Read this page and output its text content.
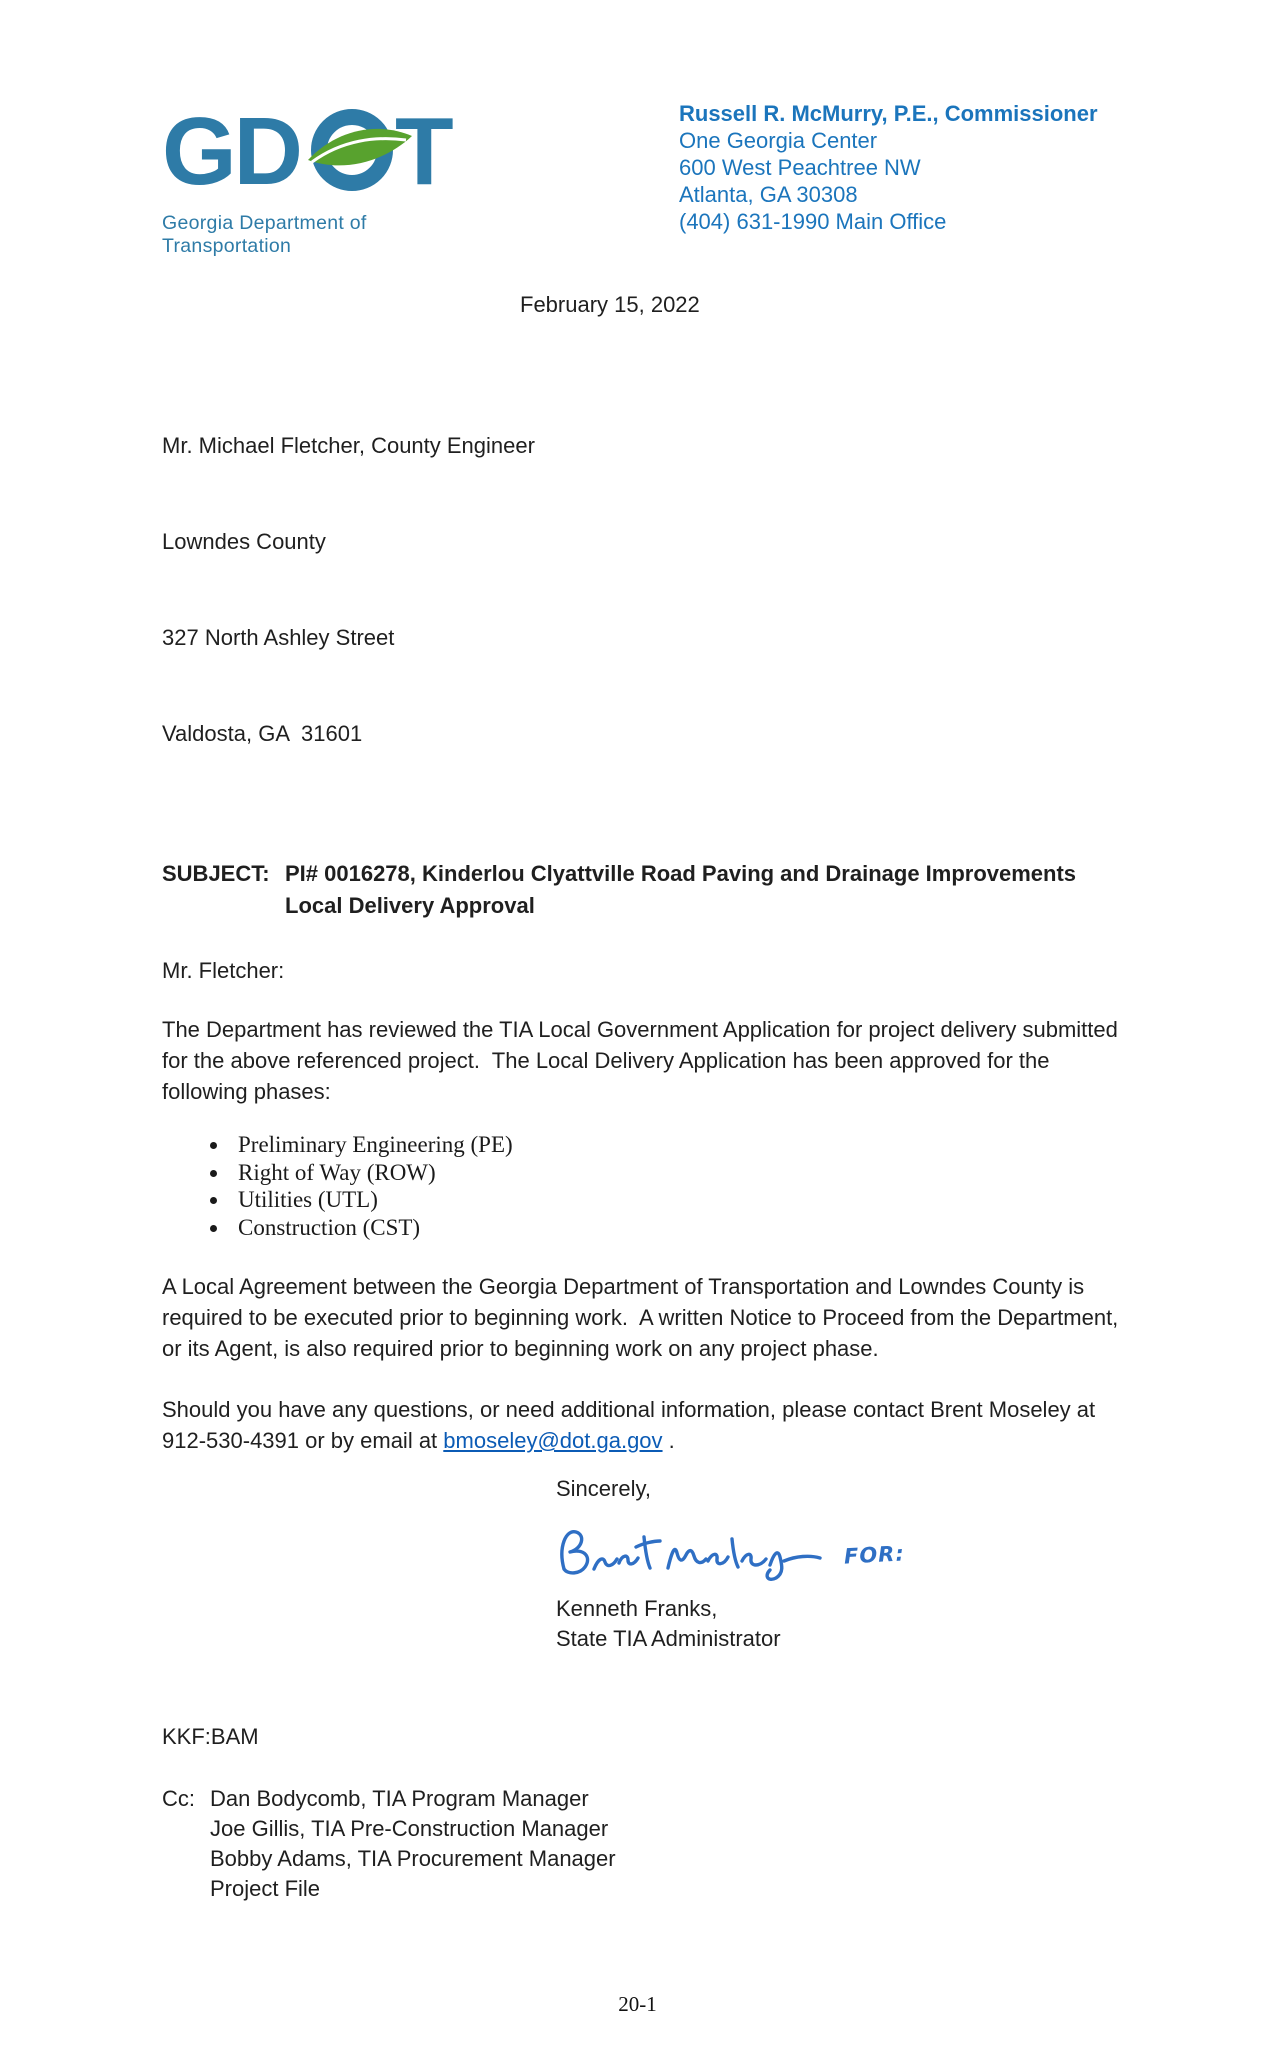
GD T
Georgia Department of Transportation
Russell R. McMurry, P.E., Commissioner
One Georgia Center
600 West Peachtree NW
Atlanta, GA 30308
(404) 631-1990 Main Office
February 15, 2022

Mr. Michael Fletcher, County Engineer

Lowndes County

327 North Ashley Street

Valdosta, GA  31601

SUBJECT: PI# 0016278, Kinderlou Clyattville Road Paving and Drainage Improvements
Local Delivery Approval
Mr. Fletcher:

The Department has reviewed the TIA Local Government Application for project delivery submitted for the above referenced project.  The Local Delivery Application has been approved for the following phases:

• Preliminary Engineering (PE)
• Right of Way (ROW)
• Utilities (UTL)
• Construction (CST)

A Local Agreement between the Georgia Department of Transportation and Lowndes County is required to be executed prior to beginning work.  A written Notice to Proceed from the Department, or its Agent, is also required prior to beginning work on any project phase.

Should you have any questions, or need additional information, please contact Brent Moseley at 912-530-4391 or by email at bmoseley@dot.ga.gov .

Sincerely,
FOR:
Kenneth Franks,
State TIA Administrator
KKF:BAM
Cc: Dan Bodycomb, TIA Program Manager
Joe Gillis, TIA Pre-Construction Manager
Bobby Adams, TIA Procurement Manager
Project File
20-1
